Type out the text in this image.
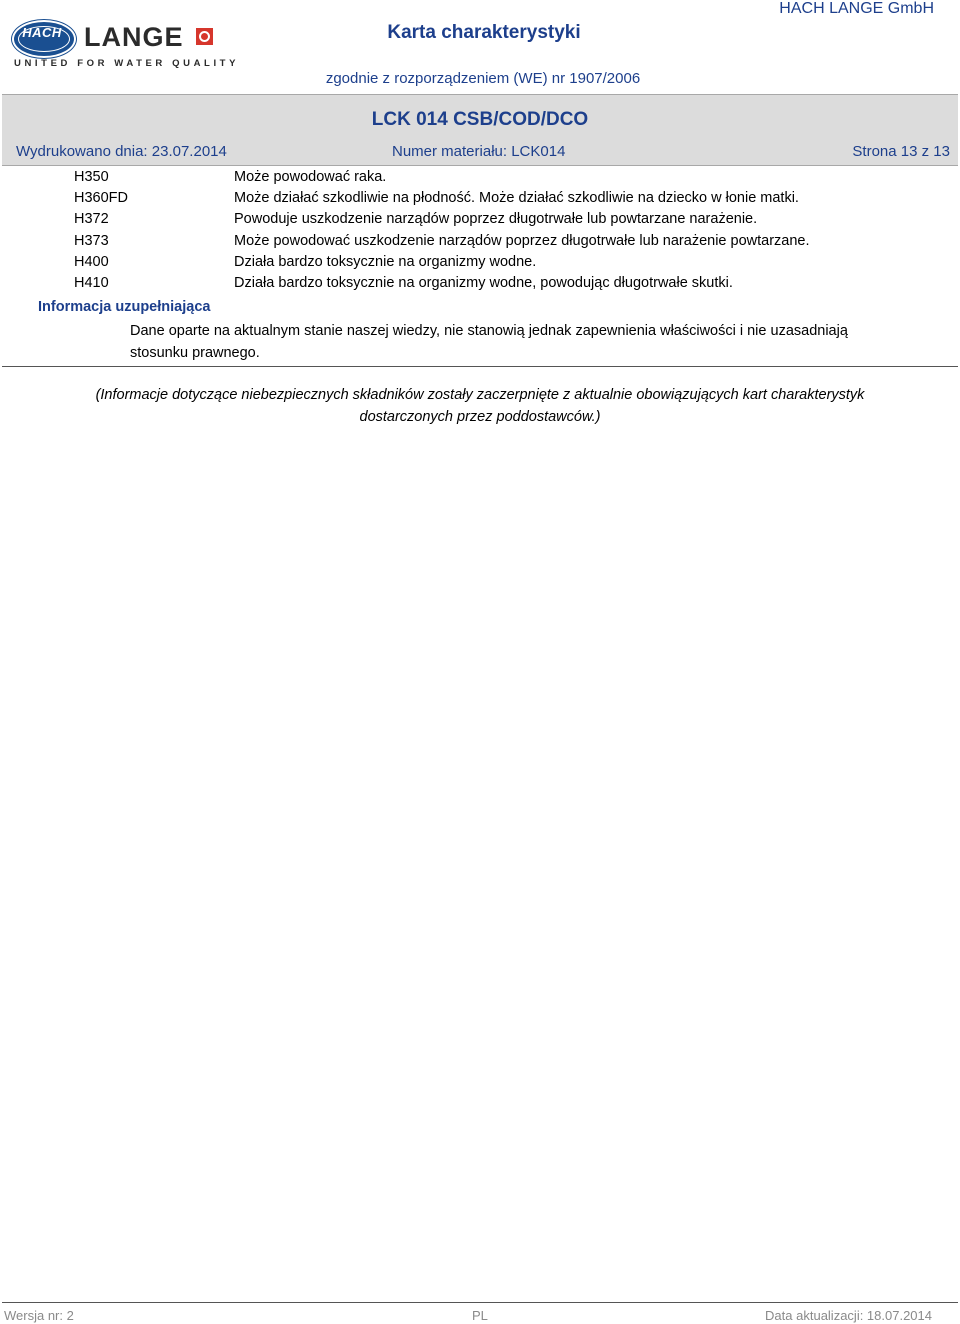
HACH LANGE
UNITED FOR WATER QUALITY
Karta charakterystyki
HACH LANGE GmbH
zgodnie z rozporządzeniem (WE) nr 1907/2006
LCK 014 CSB/COD/DCO
Wydrukowano dnia: 23.07.2014	Numer materiału: LCK014	Strona 13 z 13
H350	Może powodować raka.
H360FD	Może działać szkodliwie na płodność. Może działać szkodliwie na dziecko w łonie matki.
H372	Powoduje uszkodzenie narządów poprzez długotrwałe lub powtarzane narażenie.
H373	Może powodować uszkodzenie narządów poprzez długotrwałe lub narażenie powtarzane.
H400	Działa bardzo toksycznie na organizmy wodne.
H410	Działa bardzo toksycznie na organizmy wodne, powodując długotrwałe skutki.
Informacja uzupełniająca
Dane oparte na aktualnym stanie naszej wiedzy, nie stanowią jednak zapewnienia właściwości i nie uzasadniają stosunku prawnego.
(Informacje dotyczące niebezpiecznych składników zostały zaczerpnięte z aktualnie obowiązujących kart charakterystyk dostarczonych przez poddostawców.)
Wersja nr: 2	PL	Data aktualizacji: 18.07.2014
